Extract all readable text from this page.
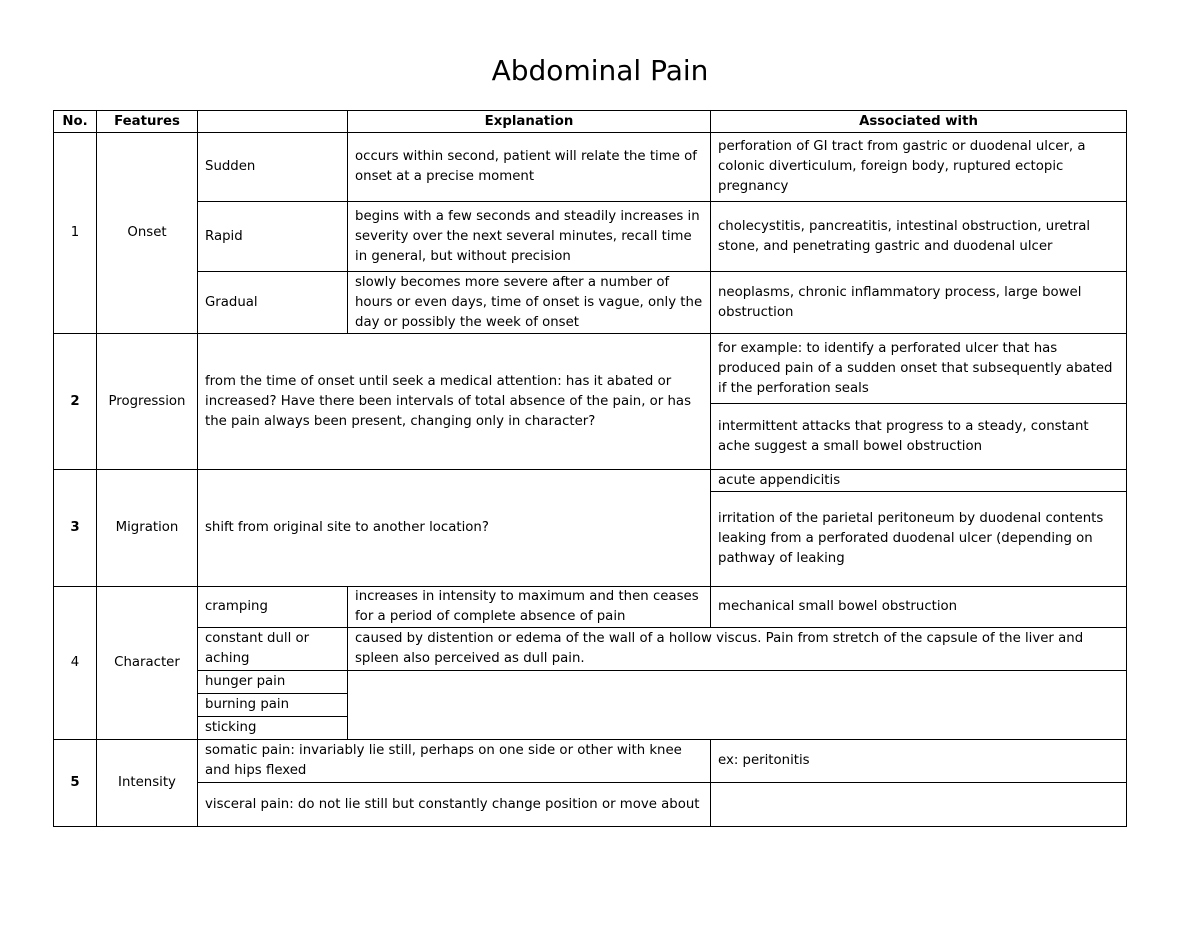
Abdominal Pain
No.	Features		Explanation	Associated with
1	Onset	Sudden	occurs within second, patient will relate the time of onset at a precise moment	perforation of GI tract from gastric or duodenal ulcer, a colonic diverticulum, foreign body, ruptured ectopic pregnancy
		Rapid	begins with a few seconds and steadily increases in severity over the next several minutes, recall time in general, but without precision	cholecystitis, pancreatitis, intestinal obstruction, uretral stone, and penetrating gastric and duodenal ulcer
		Gradual	slowly becomes more severe after a number of hours or even days, time of onset is vague, only the day or possibly the week of onset	neoplasms, chronic inflammatory process, large bowel obstruction
2	Progression	from the time of onset until seek a medical attention: has it abated or increased? Have there been intervals of total absence of the pain, or has the pain always been present, changing only in character?		for example: to identify a perforated ulcer that has produced pain of a sudden onset that subsequently abated if the perforation seals
				intermittent attacks that progress to a steady, constant ache suggest a small bowel obstruction
3	Migration	shift from original site to another location?		acute appendicitis
				irritation of the parietal peritoneum by duodenal contents leaking from a perforated duodenal ulcer (depending on pathway of leaking
4	Character	cramping	increases in intensity to maximum and then ceases for a period of complete absence of pain	mechanical small bowel obstruction
		constant dull or aching	caused by distention or edema of the wall of a hollow viscus. Pain from stretch of the capsule of the liver and spleen also perceived as dull pain.	
		hunger pain		
		burning pain		
		sticking		
5	Intensity	somatic pain: invariably lie still, perhaps on one side or other with knee and hips flexed		ex: peritonitis
		visceral pain: do not lie still but constantly change position or move about		
